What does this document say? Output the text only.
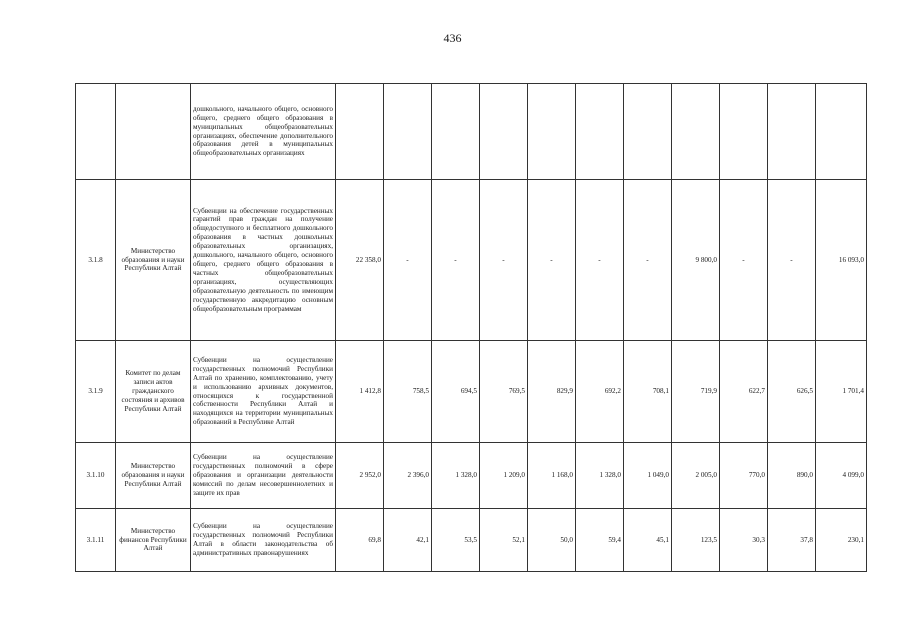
436
		дошкольного, начального общего, основного общего, среднего общего образования в муниципальных общеобразовательных организациях, обеспечение дополнительного образования детей в муниципальных общеобразовательных организациях											
3.1.8	Министерство образования и науки Республики Алтай	Субвенции на обеспечение государственных гарантий прав граждан на получение общедоступного и бесплатного дошкольного образования в частных дошкольных образовательных организациях, дошкольного, начального общего, основного общего, среднего общего образования в частных общеобразовательных организациях, осуществляющих образовательную деятельность по имеющим государственную аккредитацию основным общеобразовательным программам	22 358,0	-	-	-	-	-	-	9 800,0	-	-	16 093,0
3.1.9	Комитет по делам записи актов гражданского состояния и архивов Республики Алтай	Субвенции на осуществление государственных полномочий Республики Алтай по хранению, комплектованию, учету и использованию архивных документов, относящихся к государственной собственности Республики Алтай и находящихся на территории муниципальных образований в Республике Алтай	1 412,8	758,5	694,5	769,5	829,9	692,2	708,1	719,9	622,7	626,5	1 701,4
3.1.10	Министерство образования и науки Республики Алтай	Субвенции на осуществление государственных полномочий в сфере образования и организации деятельности комиссий по делам несовершеннолетних и защите их прав	2 952,0	2 396,0	1 328,0	1 209,0	1 168,0	1 328,0	1 049,0	2 005,0	770,0	890,0	4 099,0
3.1.11	Министерство финансов Республики Алтай	Субвенции на осуществление государственных полномочий Республики Алтай в области законодательства об административных правонарушениях	69,8	42,1	53,5	52,1	50,0	59,4	45,1	123,5	30,3	37,8	230,1
